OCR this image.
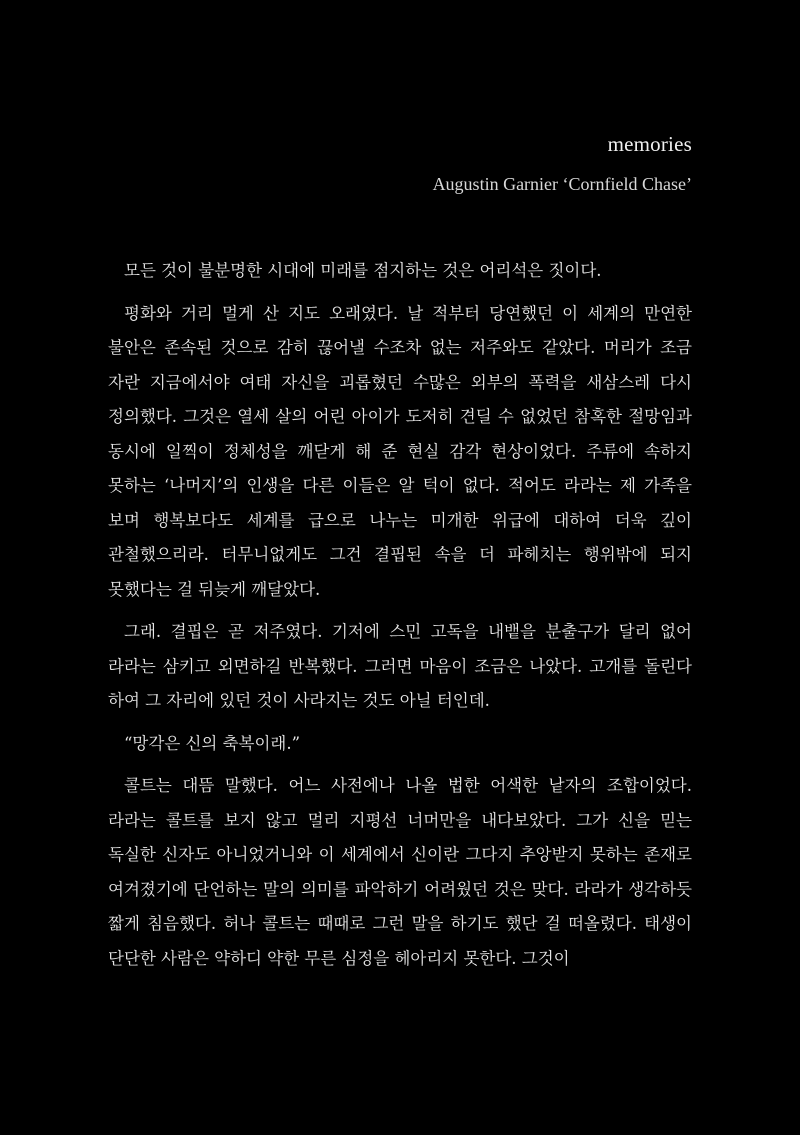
memories
Augustin Garnier ‘Cornfield Chase’

모든 것이 불분명한 시대에 미래를 점지하는 것은 어리석은 짓이다.

평화와 거리 멀게 산 지도 오래였다. 날 적부터 당연했던 이 세계의 만연한 불안은 존속된 것으로 감히 끊어낼 수조차 없는 저주와도 같았다. 머리가 조금 자란 지금에서야 여태 자신을 괴롭혔던 수많은 외부의 폭력을 새삼스레 다시 정의했다. 그것은 열세 살의 어린 아이가 도저히 견딜 수 없었던 참혹한 절망임과 동시에 일찍이 정체성을 깨닫게 해 준 현실 감각 현상이었다. 주류에 속하지 못하는 ‘나머지’의 인생을 다른 이들은 알 턱이 없다. 적어도 라라는 제 가족을 보며 행복보다도 세계를 급으로 나누는 미개한 위급에 대하여 더욱 깊이 관철했으리라. 터무니없게도 그건 결핍된 속을 더 파헤치는 행위밖에 되지 못했다는 걸 뒤늦게 깨달았다.

그래. 결핍은 곧 저주였다. 기저에 스민 고독을 내뱉을 분출구가 달리 없어 라라는 삼키고 외면하길 반복했다. 그러면 마음이 조금은 나았다. 고개를 돌린다 하여 그 자리에 있던 것이 사라지는 것도 아닐 터인데.

“망각은 신의 축복이래.”

콜트는 대뜸 말했다. 어느 사전에나 나올 법한 어색한 낱자의 조합이었다. 라라는 콜트를 보지 않고 멀리 지평선 너머만을 내다보았다. 그가 신을 믿는 독실한 신자도 아니었거니와 이 세계에서 신이란 그다지 추앙받지 못하는 존재로 여겨졌기에 단언하는 말의 의미를 파악하기 어려웠던 것은 맞다. 라라가 생각하듯 짧게 침음했다. 허나 콜트는 때때로 그런 말을 하기도 했단 걸 떠올렸다. 태생이 단단한 사람은 약하디 약한 무른 심정을 헤아리지 못한다. 그것이
